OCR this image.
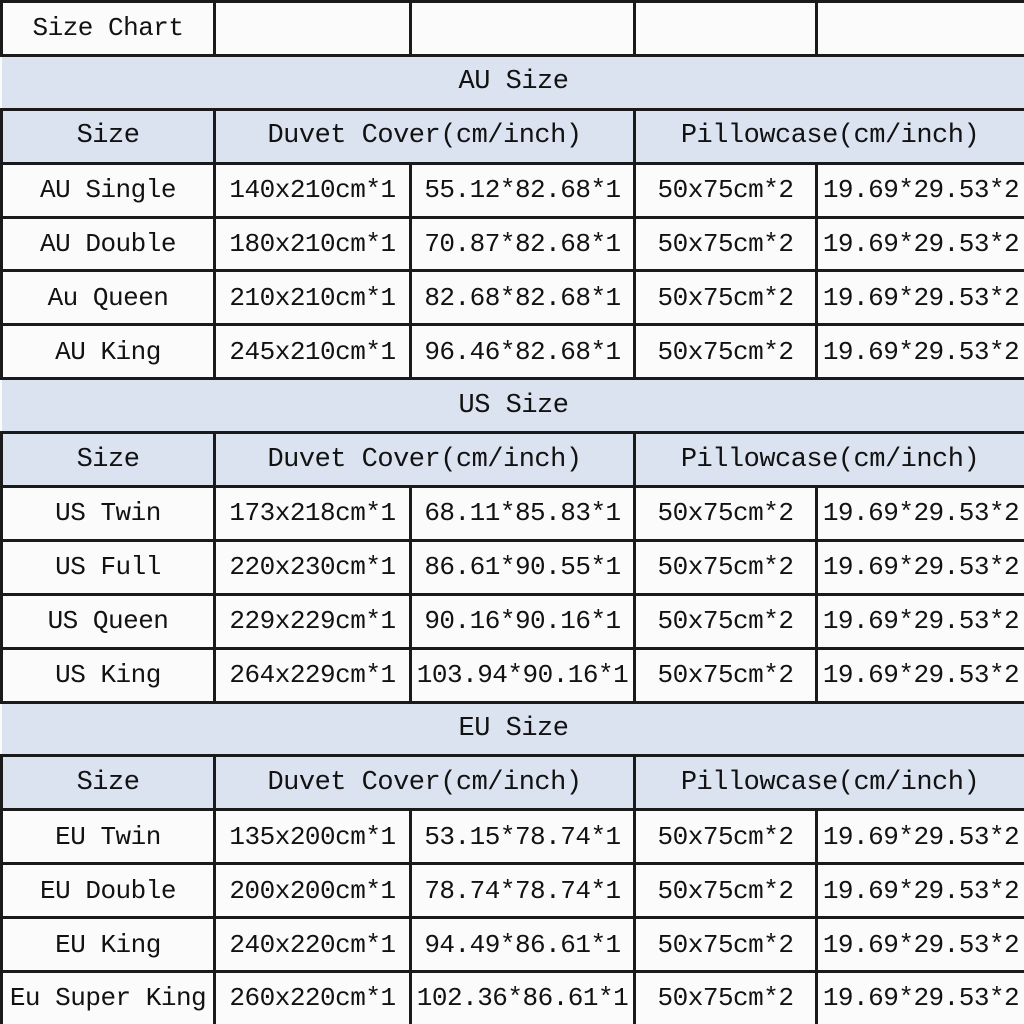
Size Chart				
AU Size				
Size	Duvet Cover(cm/inch)		Pillowcase(cm/inch)	
AU Single	140x210cm*1	55.12*82.68*1	50x75cm*2	19.69*29.53*2
AU Double	180x210cm*1	70.87*82.68*1	50x75cm*2	19.69*29.53*2
Au Queen	210x210cm*1	82.68*82.68*1	50x75cm*2	19.69*29.53*2
AU King	245x210cm*1	96.46*82.68*1	50x75cm*2	19.69*29.53*2
US Size				
Size	Duvet Cover(cm/inch)		Pillowcase(cm/inch)	
US Twin	173x218cm*1	68.11*85.83*1	50x75cm*2	19.69*29.53*2
US Full	220x230cm*1	86.61*90.55*1	50x75cm*2	19.69*29.53*2
US Queen	229x229cm*1	90.16*90.16*1	50x75cm*2	19.69*29.53*2
US King	264x229cm*1	103.94*90.16*1	50x75cm*2	19.69*29.53*2
EU Size				
Size	Duvet Cover(cm/inch)		Pillowcase(cm/inch)	
EU Twin	135x200cm*1	53.15*78.74*1	50x75cm*2	19.69*29.53*2
EU Double	200x200cm*1	78.74*78.74*1	50x75cm*2	19.69*29.53*2
EU King	240x220cm*1	94.49*86.61*1	50x75cm*2	19.69*29.53*2
Eu Super King	260x220cm*1	102.36*86.61*1	50x75cm*2	19.69*29.53*2
